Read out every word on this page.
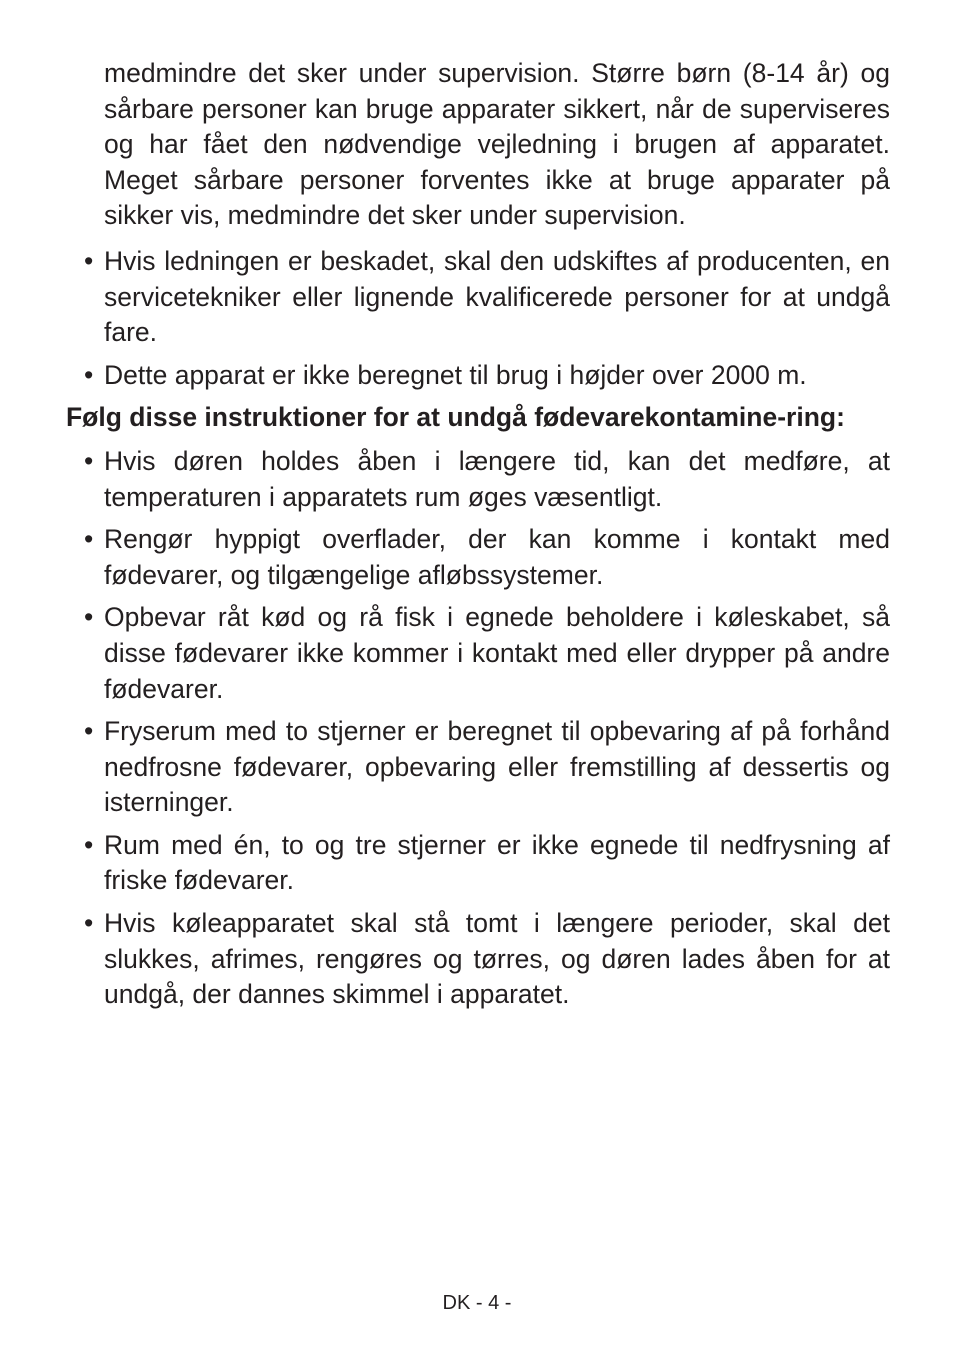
medmindre det sker under supervision. Større børn (8-14 år) og sårbare personer kan bruge apparater sikkert, når de superviseres og har fået den nødvendige vejledning i brugen af apparatet. Meget sårbare personer forventes ikke at bruge apparater på sikker vis, medmindre det sker under supervision.

• Hvis ledningen er beskadet, skal den udskiftes af producenten, en servicetekniker eller lignende kvalificerede personer for at undgå fare.
• Dette apparat er ikke beregnet til brug i højder over 2000 m.

Følg disse instruktioner for at undgå fødevarekontamine-ring:

• Hvis døren holdes åben i længere tid, kan det medføre, at temperaturen i apparatets rum øges væsentligt.
• Rengør hyppigt overflader, der kan komme i kontakt med fødevarer, og tilgængelige afløbssystemer.
• Opbevar råt kød og rå fisk i egnede beholdere i køleskabet, så disse fødevarer ikke kommer i kontakt med eller drypper på andre fødevarer.
• Fryserum med to stjerner er beregnet til opbevaring af på forhånd nedfrosne fødevarer, opbevaring eller fremstilling af dessertis og isterninger.
• Rum med én, to og tre stjerner er ikke egnede til nedfrysning af friske fødevarer.
• Hvis køleapparatet skal stå tomt i længere perioder, skal det slukkes, afrimes, rengøres og tørres, og døren lades åben for at undgå, der dannes skimmel i apparatet.
DK - 4 -
